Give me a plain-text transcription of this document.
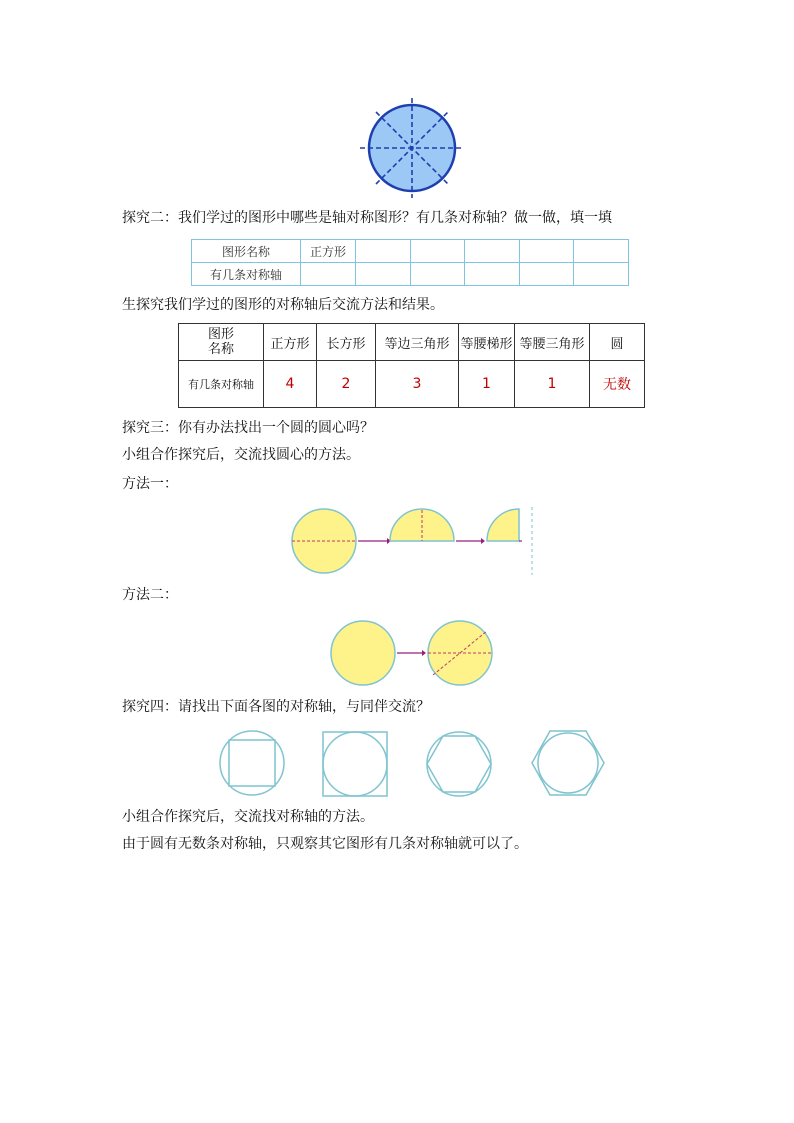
探究二：我们学过的图形中哪些是轴对称图形？有几条对称轴？做一做，填一填
图形名称	正方形					
有几条对称轴						
生探究我们学过的图形的对称轴后交流方法和结果。
图形
名称	正方形	长方形	等边三角形	等腰梯形	等腰三角形	圆
有几条对称轴	4	2	3	1	1	无数
探究三：你有办法找出一个圆的圆心吗？
小组合作探究后，交流找圆心的方法。
方法一：
方法二：
探究四：请找出下面各图的对称轴，与同伴交流？
小组合作探究后，交流找对称轴的方法。
由于圆有无数条对称轴，只观察其它图形有几条对称轴就可以了。
